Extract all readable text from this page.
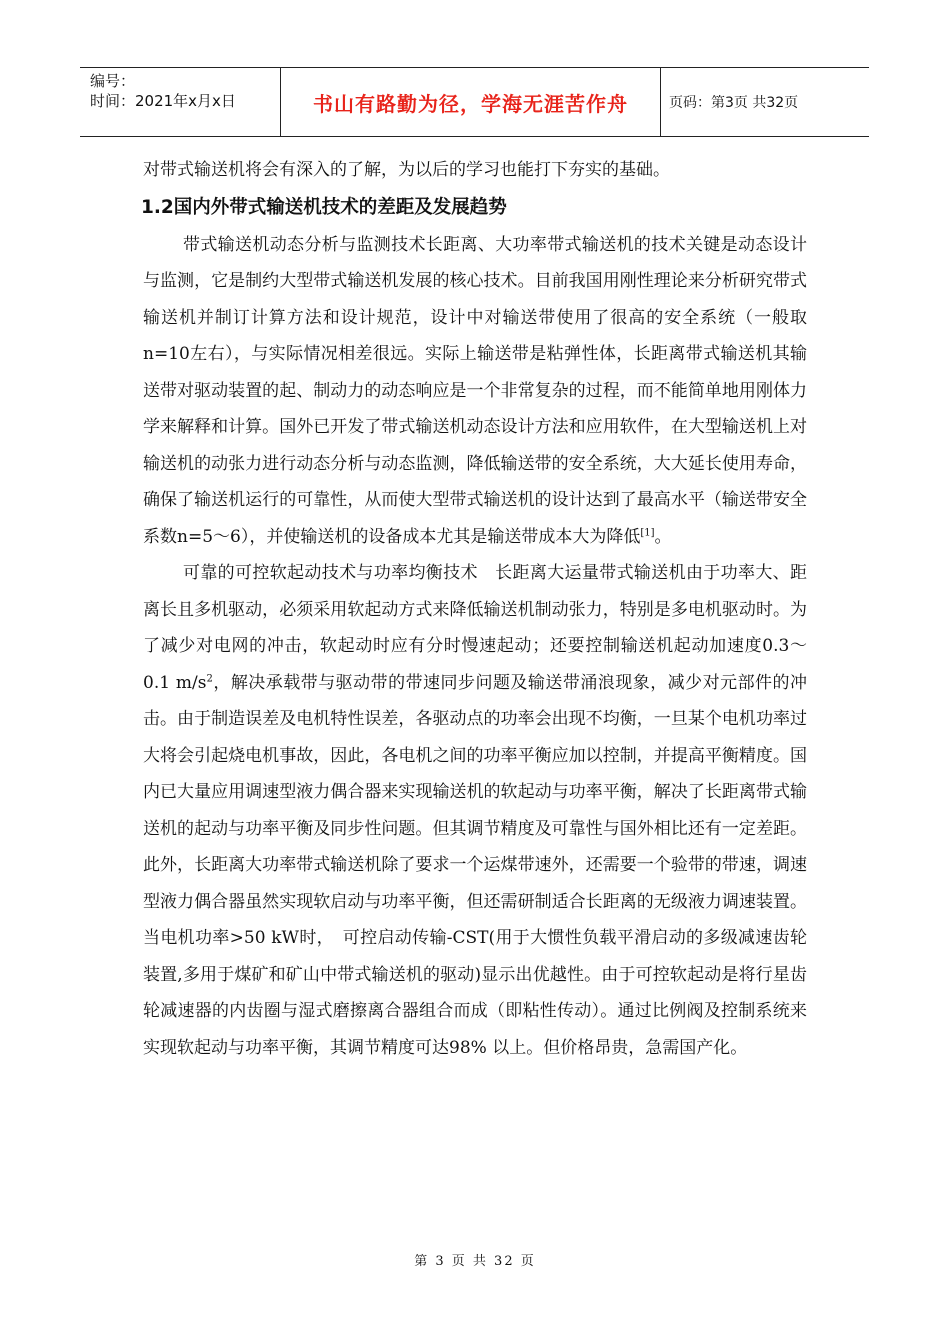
编号：
时间：2021年x月x日	书山有路勤为径，学海无涯苦作舟	页码：第3页 共32页

对带式输送机将会有深入的了解，为以后的学习也能打下夯实的基础。

1.2国内外带式输送机技术的差距及发展趋势

带式输送机动态分析与监测技术长距离、大功率带式输送机的技术关键是动态设计与监测，它是制约大型带式输送机发展的核心技术。目前我国用刚性理论来分析研究带式输送机并制订计算方法和设计规范，设计中对输送带使用了很高的安全系统（一般取n=10左右），与实际情况相差很远。实际上输送带是粘弹性体，长距离带式输送机其输送带对驱动装置的起、制动力的动态响应是一个非常复杂的过程，而不能简单地用刚体力学来解释和计算。国外已开发了带式输送机动态设计方法和应用软件，在大型输送机上对输送机的动张力进行动态分析与动态监测，降低输送带的安全系统，大大延长使用寿命，确保了输送机运行的可靠性，从而使大型带式输送机的设计达到了最高水平（输送带安全系数n=5～6），并使输送机的设备成本尤其是输送带成本大为降低[1]。

可靠的可控软起动技术与功率均衡技术　长距离大运量带式输送机由于功率大、距离长且多机驱动，必须采用软起动方式来降低输送机制动张力，特别是多电机驱动时。为了减少对电网的冲击，软起动时应有分时慢速起动；还要控制输送机起动加速度0.3～0.1 $m/s^2$，解决承载带与驱动带的带速同步问题及输送带涌浪现象，减少对元部件的冲击。由于制造误差及电机特性误差，各驱动点的功率会出现不均衡，一旦某个电机功率过大将会引起烧电机事故，因此，各电机之间的功率平衡应加以控制，并提高平衡精度。国内已大量应用调速型液力偶合器来实现输送机的软起动与功率平衡，解决了长距离带式输送机的起动与功率平衡及同步性问题。但其调节精度及可靠性与国外相比还有一定差距。此外，长距离大功率带式输送机除了要求一个运煤带速外，还需要一个验带的带速，调速型液力偶合器虽然实现软启动与功率平衡，但还需研制适合长距离的无级液力调速装置。当电机功率>50 kW时，　可控启动传输-CST(用于大惯性负载平滑启动的多级减速齿轮装置,多用于煤矿和矿山中带式输送机的驱动)显示出优越性。由于可控软起动是将行星齿轮减速器的内齿圈与湿式磨擦离合器组合而成（即粘性传动）。通过比例阀及控制系统来实现软起动与功率平衡，其调节精度可达98% 以上。但价格昂贵，急需国产化。

第 3 页 共 32 页
